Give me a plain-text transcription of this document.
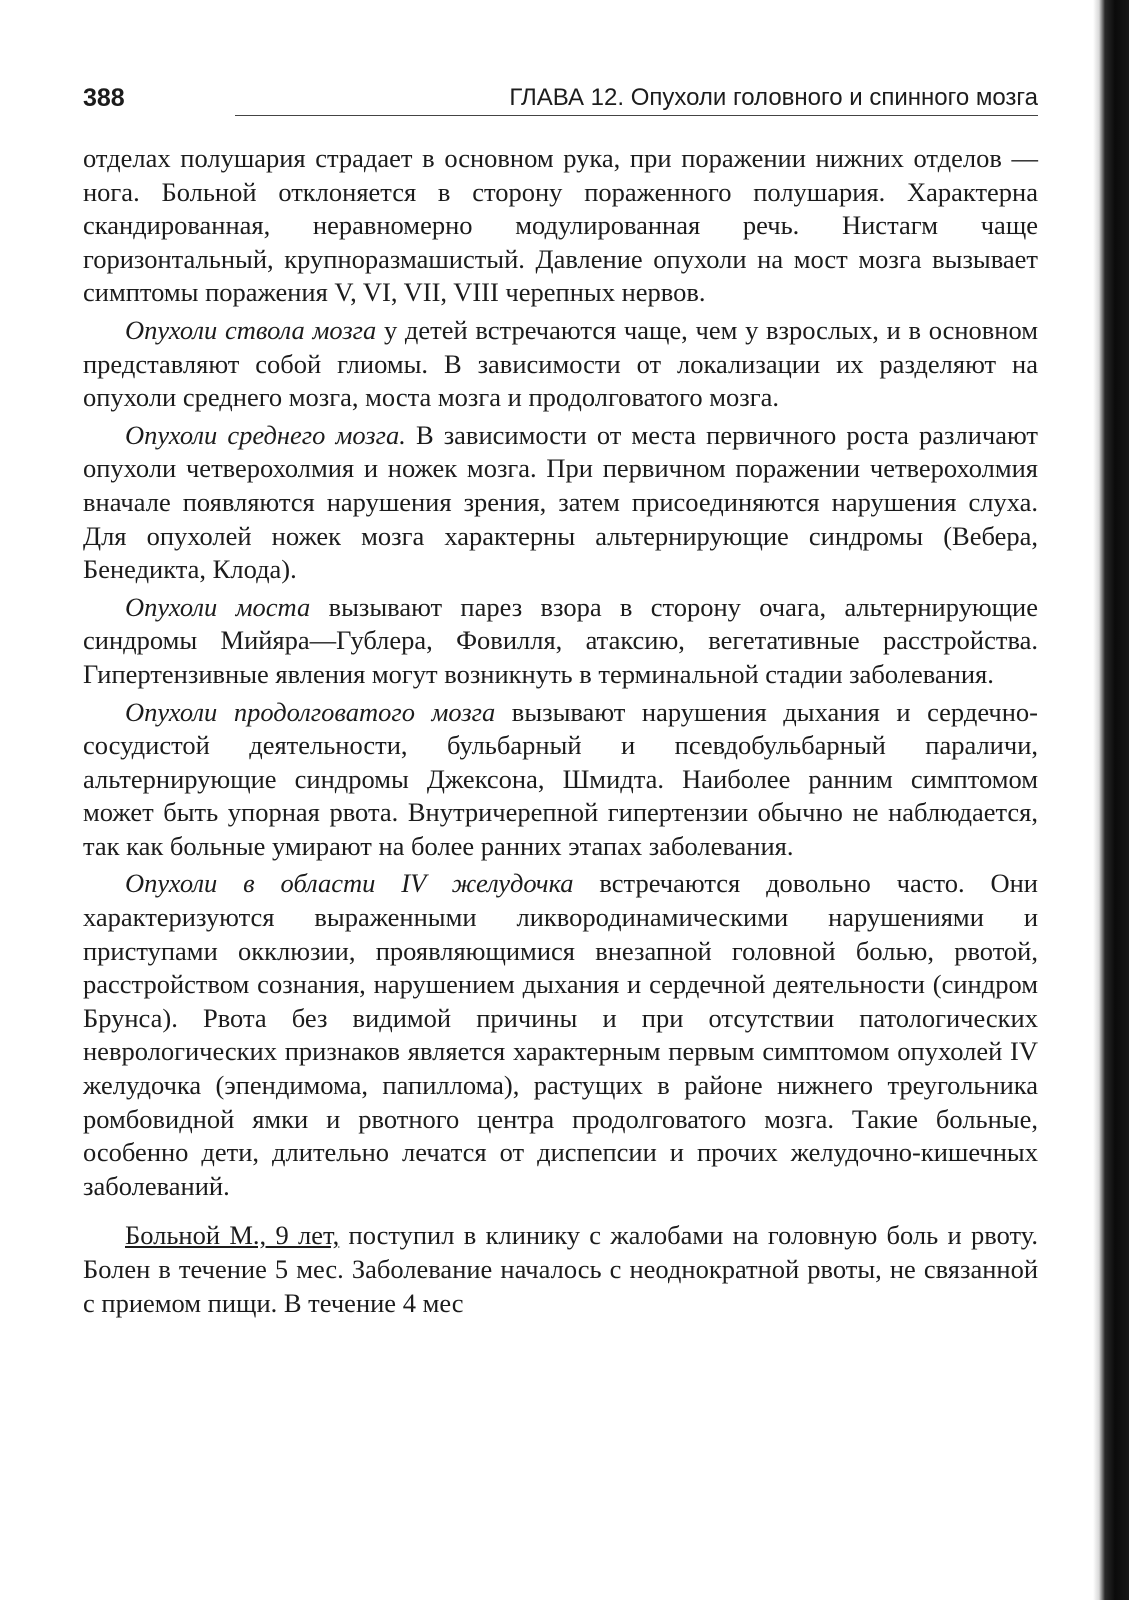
388	ГЛАВА 12. Опухоли головного и спинного мозга

отделах полушария страдает в основном рука, при поражении нижних отделов — нога. Больной отклоняется в сторону пораженного полушария. Характерна скандированная, неравномерно модулированная речь. Нистагм чаще горизонтальный, крупноразмашистый. Давление опухоли на мост мозга вызывает симптомы поражения V, VI, VII, VIII черепных нервов.

Опухоли ствола мозга у детей встречаются чаще, чем у взрослых, и в основном представляют собой глиомы. В зависимости от локализации их разделяют на опухоли среднего мозга, моста мозга и продолговатого мозга.

Опухоли среднего мозга. В зависимости от места первичного роста различают опухоли четверохолмия и ножек мозга. При первичном поражении четверохолмия вначале появляются нарушения зрения, затем присоединяются нарушения слуха. Для опухолей ножек мозга характерны альтернирующие синдромы (Вебера, Бенедикта, Клода).

Опухоли моста вызывают парез взора в сторону очага, альтернирующие синдромы Мийяра—Гублера, Фовилля, атаксию, вегетативные расстройства. Гипертензивные явления могут возникнуть в терминальной стадии заболевания.

Опухоли продолговатого мозга вызывают нарушения дыхания и сердечно-сосудистой деятельности, бульбарный и псевдобульбарный параличи, альтернирующие синдромы Джексона, Шмидта. Наиболее ранним симптомом может быть упорная рвота. Внутричерепной гипертензии обычно не наблюдается, так как больные умирают на более ранних этапах заболевания.

Опухоли в области IV желудочка встречаются довольно часто. Они характеризуются выраженными ликвородинамическими нарушениями и приступами окклюзии, проявляющимися внезапной головной болью, рвотой, расстройством сознания, нарушением дыхания и сердечной деятельности (синдром Брунса). Рвота без видимой причины и при отсутствии патологических неврологических признаков является характерным первым симптомом опухолей IV желудочка (эпендимома, папиллома), растущих в районе нижнего треугольника ромбовидной ямки и рвотного центра продолговатого мозга. Такие больные, особенно дети, длительно лечатся от диспепсии и прочих желудочно-кишечных заболеваний.

Больной М., 9 лет, поступил в клинику с жалобами на головную боль и рвоту. Болен в течение 5 мес. Заболевание началось с неоднократной рвоты, не связанной с приемом пищи. В течение 4 мес
